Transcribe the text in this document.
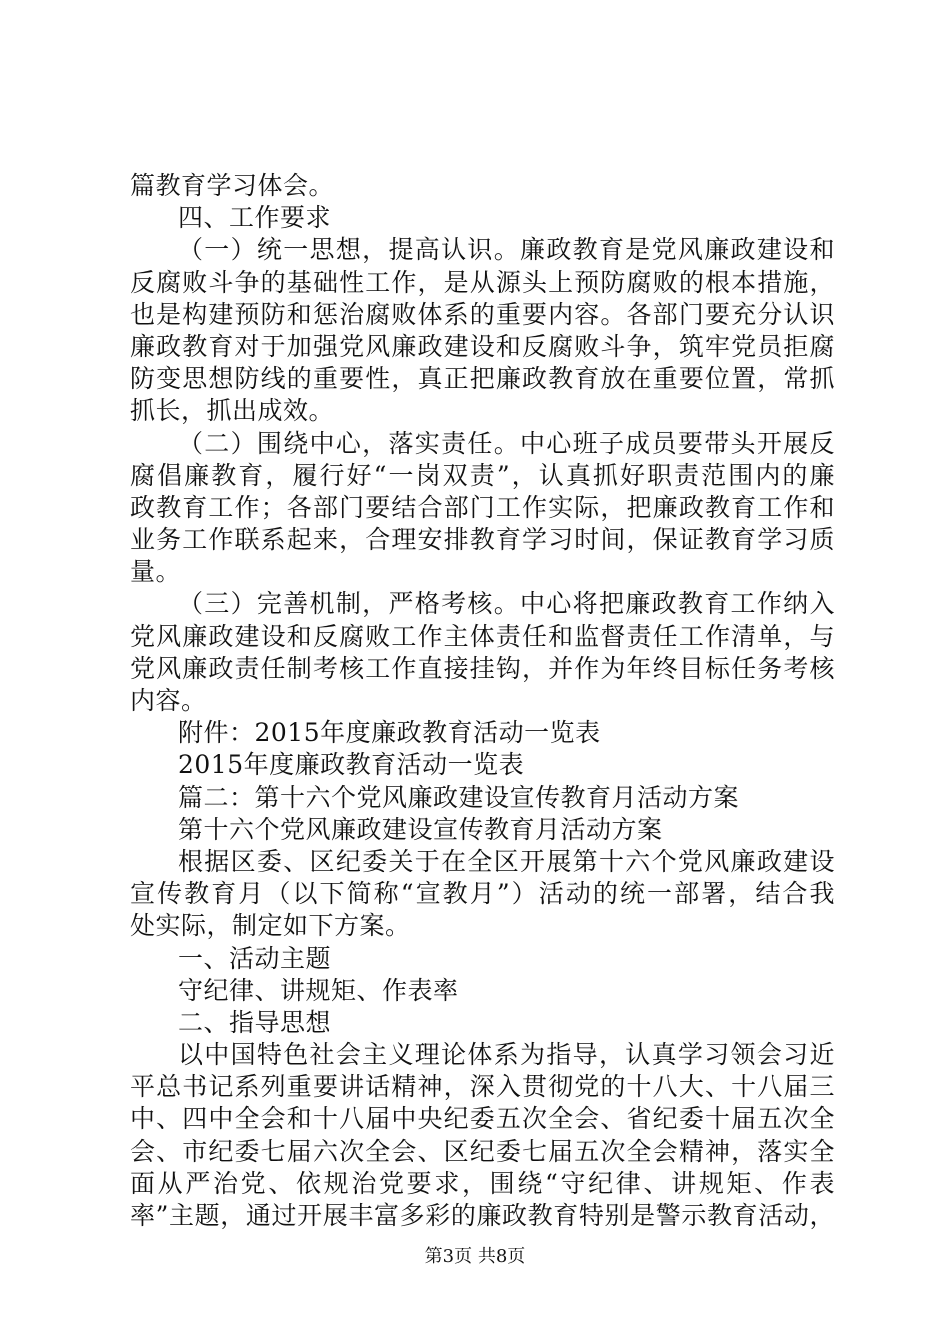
篇教育学习体会。
四、工作要求
（一）统一思想，提高认识。廉政教育是党风廉政建设和
反腐败斗争的基础性工作，是从源头上预防腐败的根本措施，
也是构建预防和惩治腐败体系的重要内容。各部门要充分认识
廉政教育对于加强党风廉政建设和反腐败斗争，筑牢党员拒腐
防变思想防线的重要性，真正把廉政教育放在重要位置，常抓
抓长，抓出成效。
（二）围绕中心，落实责任。中心班子成员要带头开展反
腐倡廉教育，履行好“一岗双责”，认真抓好职责范围内的廉
政教育工作；各部门要结合部门工作实际，把廉政教育工作和
业务工作联系起来，合理安排教育学习时间，保证教育学习质
量。
（三）完善机制，严格考核。中心将把廉政教育工作纳入
党风廉政建设和反腐败工作主体责任和监督责任工作清单，与
党风廉政责任制考核工作直接挂钩，并作为年终目标任务考核
内容。
附件：2015年度廉政教育活动一览表
2015年度廉政教育活动一览表
篇二：第十六个党风廉政建设宣传教育月活动方案
第十六个党风廉政建设宣传教育月活动方案
根据区委、区纪委关于在全区开展第十六个党风廉政建设
宣传教育月（以下简称“宣教月”）活动的统一部署，结合我
处实际，制定如下方案。
一、活动主题
守纪律、讲规矩、作表率
二、指导思想
以中国特色社会主义理论体系为指导，认真学习领会习近
平总书记系列重要讲话精神，深入贯彻党的十八大、十八届三
中、四中全会和十八届中央纪委五次全会、省纪委十届五次全
会、市纪委七届六次全会、区纪委七届五次全会精神，落实全
面从严治党、依规治党要求，围绕“守纪律、讲规矩、作表
率”主题，通过开展丰富多彩的廉政教育特别是警示教育活动，
第3页 共8页
